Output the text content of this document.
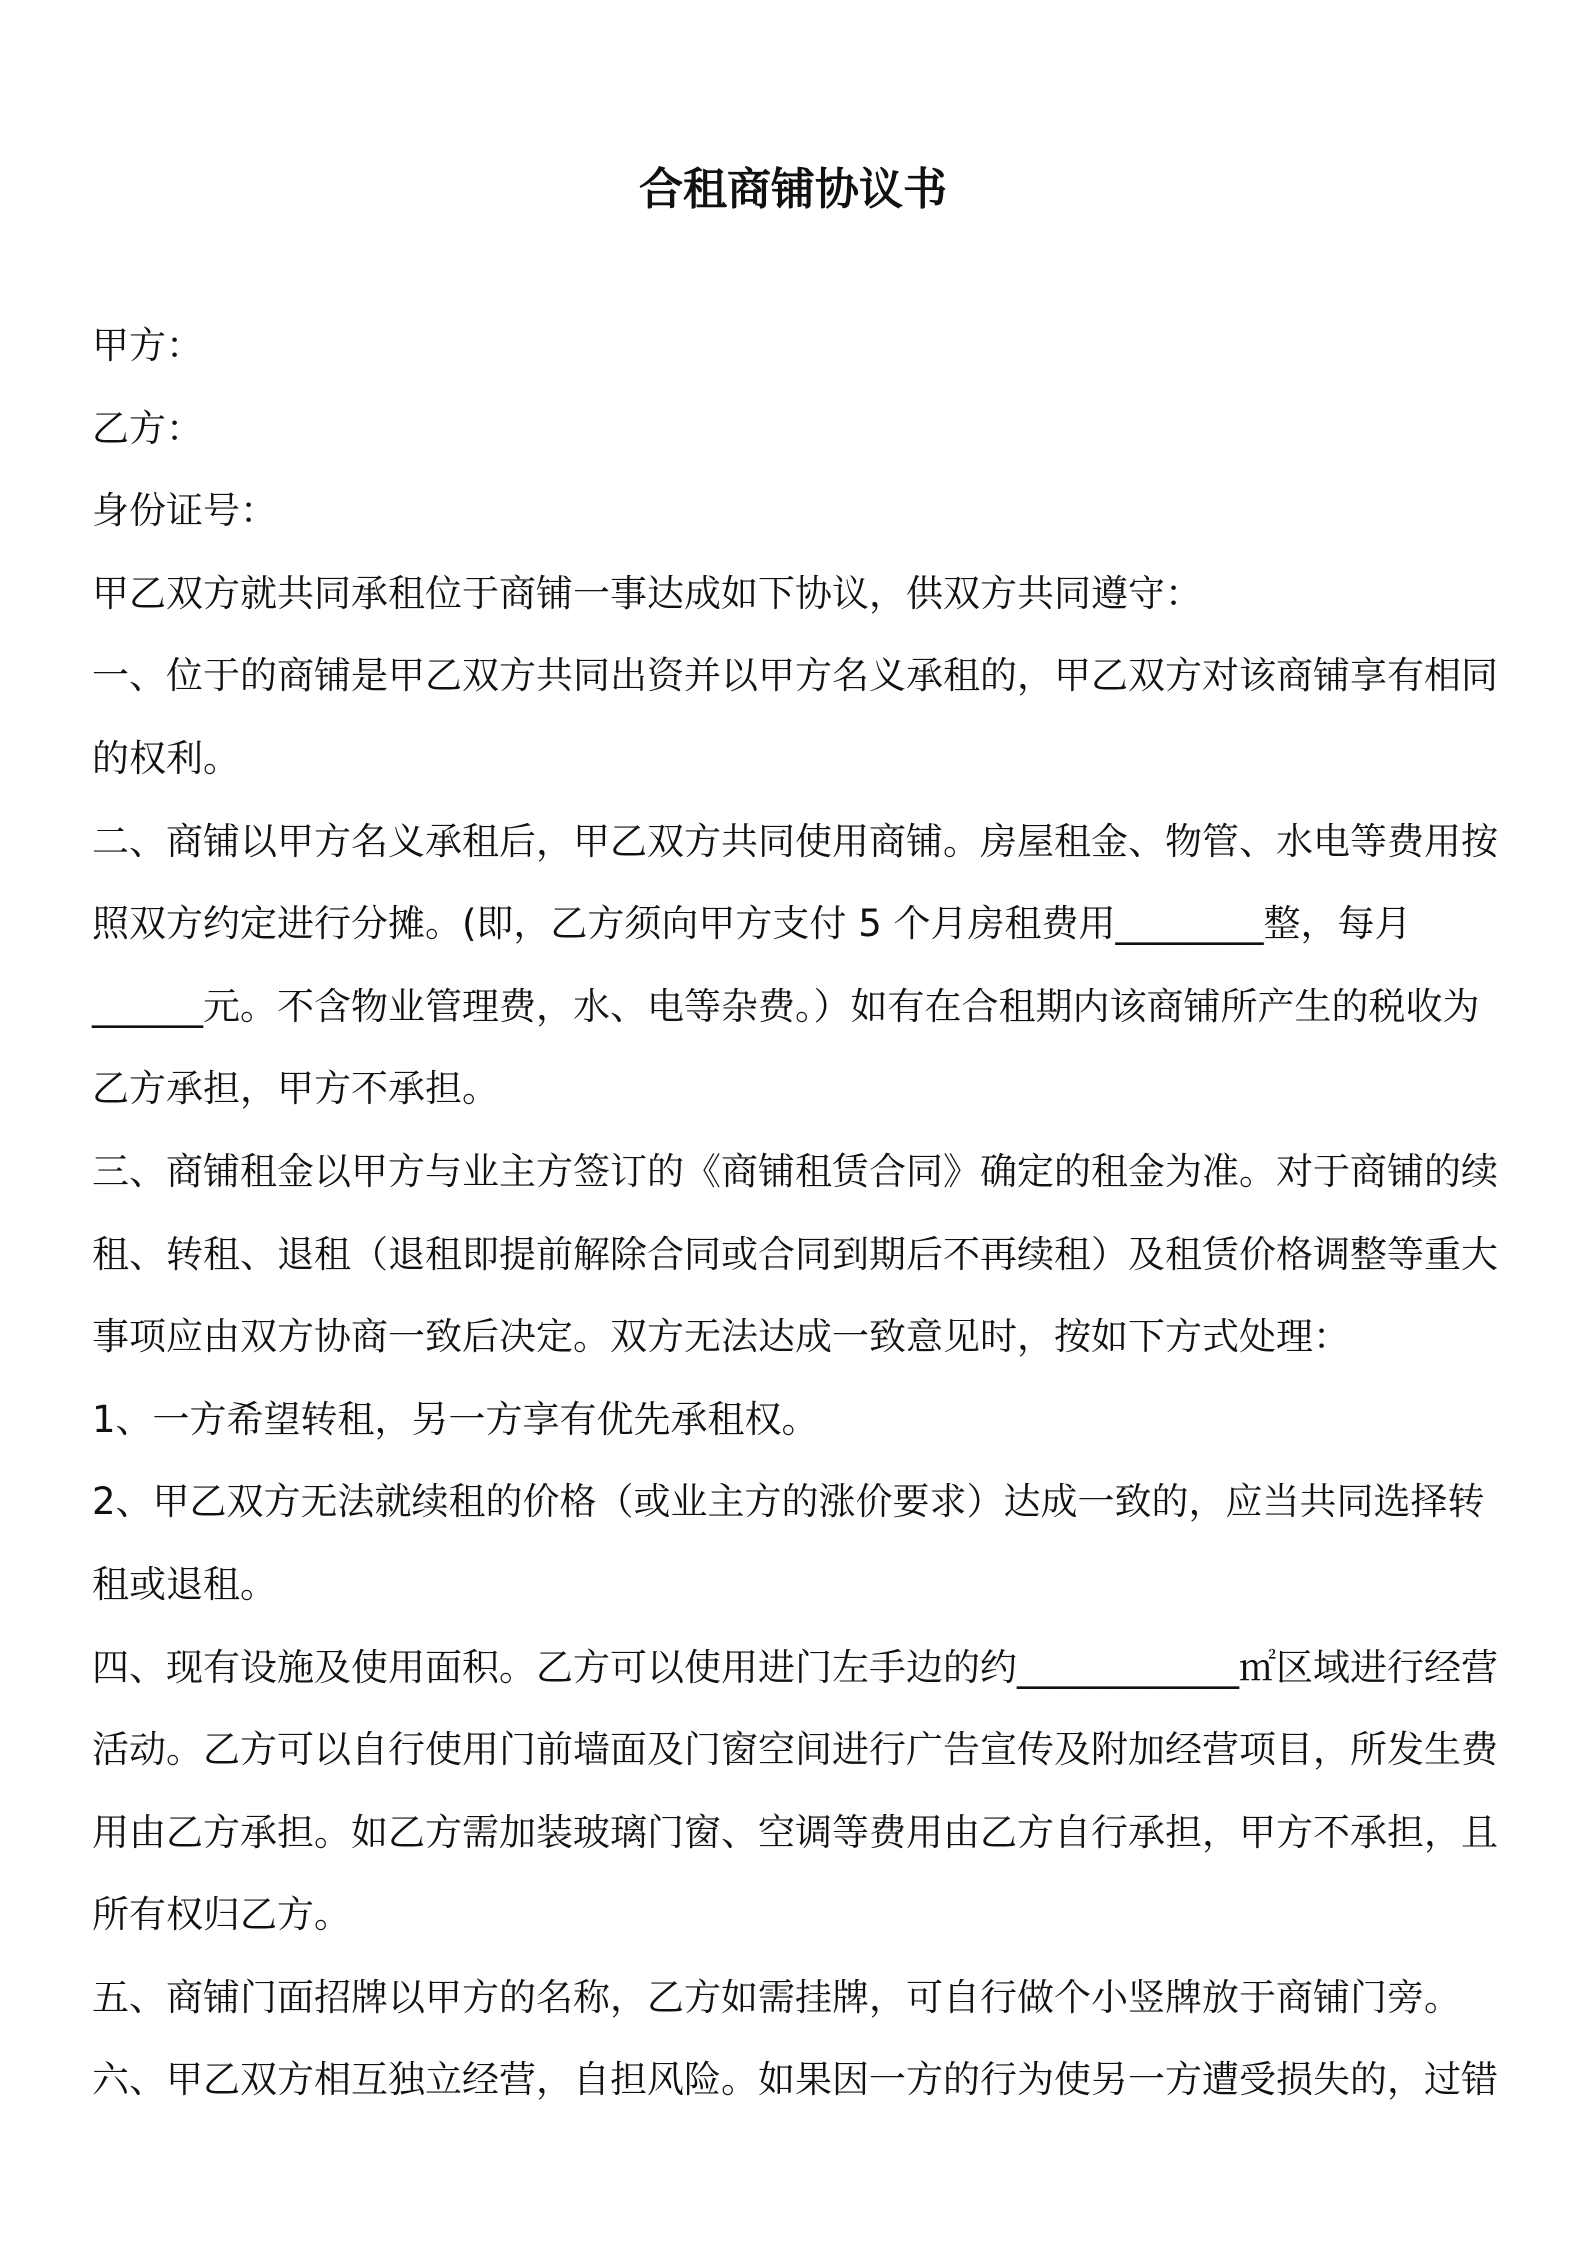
合租商铺协议书

甲方：

乙方：

身份证号：

甲乙双方就共同承租位于商铺一事达成如下协议，供双方共同遵守：

一、位于的商铺是甲乙双方共同出资并以甲方名义承租的，甲乙双方对该商铺享有相同的权利。

二、商铺以甲方名义承租后，甲乙双方共同使用商铺。房屋租金、物管、水电等费用按照双方约定进行分摊。(即，乙方须向甲方支付 5 个月房租费用________整，每月______元。不含物业管理费，水、电等杂费。）如有在合租期内该商铺所产生的税收为乙方承担，甲方不承担。

三、商铺租金以甲方与业主方签订的《商铺租赁合同》确定的租金为准。对于商铺的续租、转租、退租（退租即提前解除合同或合同到期后不再续租）及租赁价格调整等重大事项应由双方协商一致后决定。双方无法达成一致意见时，按如下方式处理：

1、一方希望转租，另一方享有优先承租权。

2、甲乙双方无法就续租的价格（或业主方的涨价要求）达成一致的，应当共同选择转租或退租。

四、现有设施及使用面积。乙方可以使用进门左手边的约____________㎡区域进行经营活动。乙方可以自行使用门前墙面及门窗空间进行广告宣传及附加经营项目，所发生费用由乙方承担。如乙方需加装玻璃门窗、空调等费用由乙方自行承担，甲方不承担，且所有权归乙方。

五、商铺门面招牌以甲方的名称，乙方如需挂牌，可自行做个小竖牌放于商铺门旁。

六、甲乙双方相互独立经营，自担风险。如果因一方的行为使另一方遭受损失的，过错
